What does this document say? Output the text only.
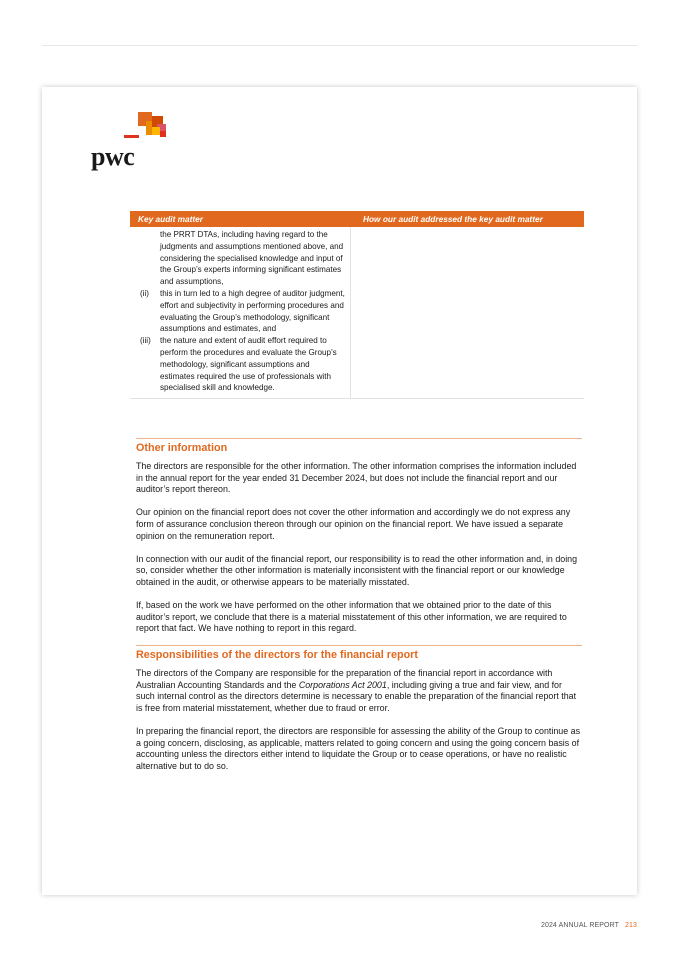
pwc
Key audit matter	How our audit addressed the key audit matter
the PRRT DTAs, including having regard to the judgments and assumptions mentioned above, and considering the specialised knowledge and input of the Group’s experts informing significant estimates and assumptions,
(ii)	this in turn led to a high degree of auditor judgment, effort and subjectivity in performing procedures and evaluating the Group’s methodology, significant assumptions and estimates, and
(iii)	the nature and extent of audit effort required to perform the procedures and evaluate the Group’s methodology, significant assumptions and estimates required the use of professionals with specialised skill and knowledge.
Other information

The directors are responsible for the other information. The other information comprises the information included in the annual report for the year ended 31 December 2024, but does not include the financial report and our auditor’s report thereon.

Our opinion on the financial report does not cover the other information and accordingly we do not express any form of assurance conclusion thereon through our opinion on the financial report. We have issued a separate opinion on the remuneration report.

In connection with our audit of the financial report, our responsibility is to read the other information and, in doing so, consider whether the other information is materially inconsistent with the financial report or our knowledge obtained in the audit, or otherwise appears to be materially misstated.

If, based on the work we have performed on the other information that we obtained prior to the date of this auditor’s report, we conclude that there is a material misstatement of this other information, we are required to report that fact. We have nothing to report in this regard.

Responsibilities of the directors for the financial report

The directors of the Company are responsible for the preparation of the financial report in accordance with Australian Accounting Standards and the Corporations Act 2001, including giving a true and fair view, and for such internal control as the directors determine is necessary to enable the preparation of the financial report that is free from material misstatement, whether due to fraud or error.

In preparing the financial report, the directors are responsible for assessing the ability of the Group to continue as a going concern, disclosing, as applicable, matters related to going concern and using the going concern basis of accounting unless the directors either intend to liquidate the Group or to cease operations, or have no realistic alternative but to do so.

2024 ANNUAL REPORT 213
